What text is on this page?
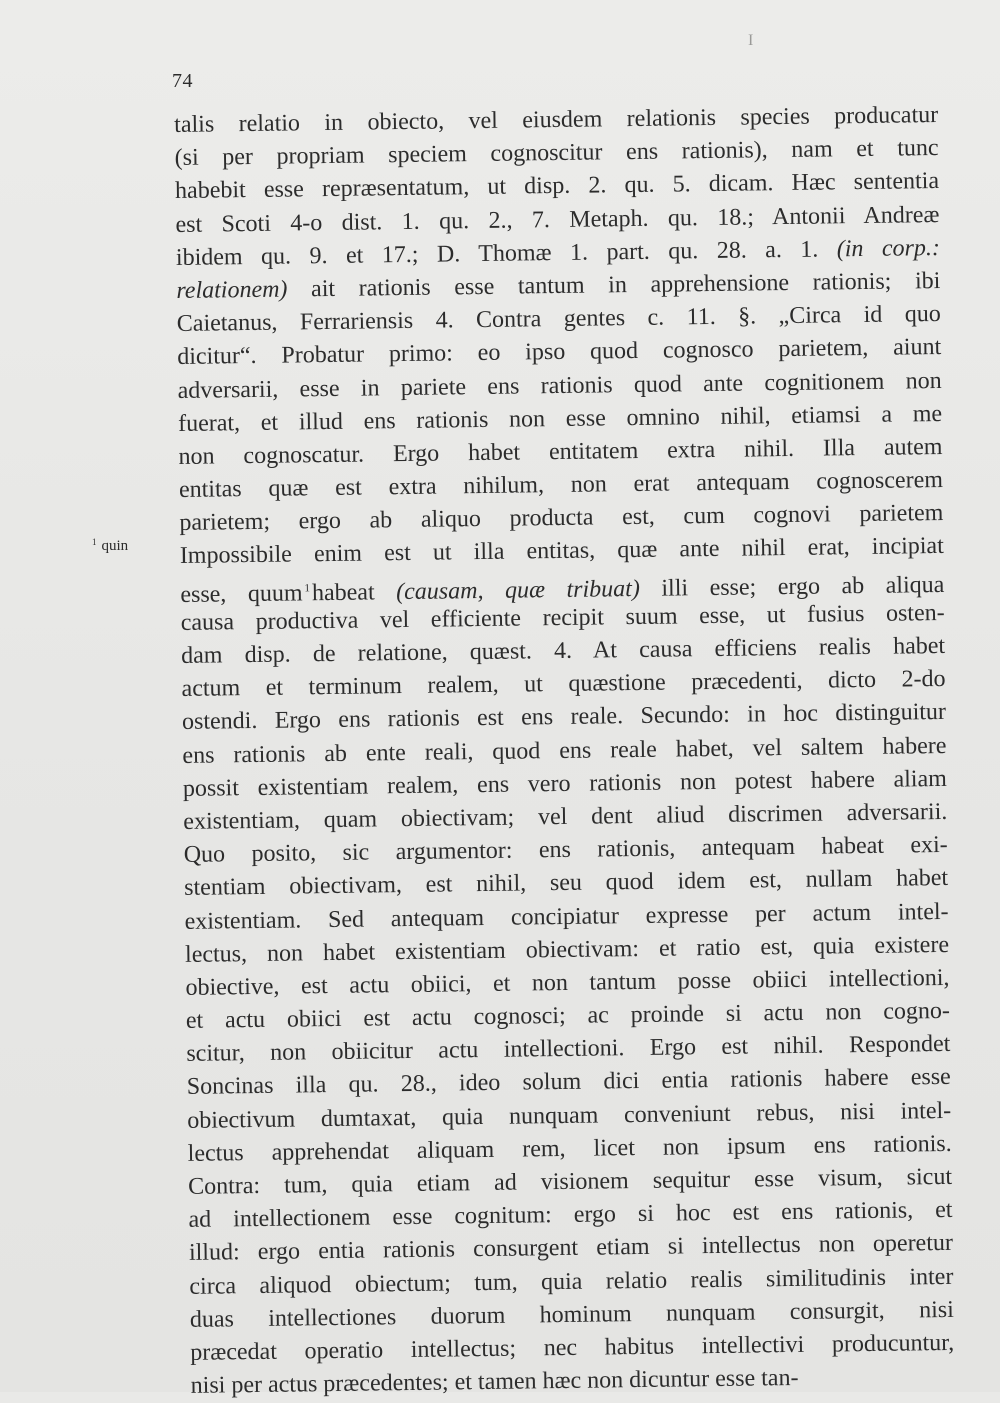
I
74
$^1$ quin
talis relatio in obiecto, vel eiusdem relationis species producatur
(si per propriam speciem cognoscitur ens rationis), nam et tunc
habebit esse repræsentatum, ut disp. 2. qu. 5. dicam. Hæc sententia
est Scoti 4-o dist. 1. qu. 2., 7. Metaph. qu. 18.; Antonii Andreæ
ibidem qu. 9. et 17.; D. Thomæ 1. part. qu. 28. a. 1. (in corp.:
relationem) ait rationis esse tantum in apprehensione rationis; ibi
Caietanus, Ferrariensis 4. Contra gentes c. 11. §. „Circa id quo
dicitur“. Probatur primo: eo ipso quod cognosco parietem, aiunt
adversarii, esse in pariete ens rationis quod ante cognitionem non
fuerat, et illud ens rationis non esse omnino nihil, etiamsi a me
non cognoscatur. Ergo habet entitatem extra nihil. Illa autem
entitas quæ est extra nihilum, non erat antequam cognoscerem
parietem; ergo ab aliquo producta est, cum cognovi parietem
Impossibile enim est ut illa entitas, quæ ante nihil erat, incipiat
esse, quum $^1$habeat (causam, quæ tribuat) illi esse; ergo ab aliqua
causa productiva vel efficiente recipit suum esse, ut fusius osten-
dam disp. de relatione, quæst. 4. At causa efficiens realis habet
actum et terminum realem, ut quæstione præcedenti, dicto 2-do
ostendi. Ergo ens rationis est ens reale. Secundo: in hoc distinguitur
ens rationis ab ente reali, quod ens reale habet, vel saltem habere
possit existentiam realem, ens vero rationis non potest habere aliam
existentiam, quam obiectivam; vel dent aliud discrimen adversarii.
Quo posito, sic argumentor: ens rationis, antequam habeat exi-
stentiam obiectivam, est nihil, seu quod idem est, nullam habet
existentiam. Sed antequam concipiatur expresse per actum intel-
lectus, non habet existentiam obiectivam: et ratio est, quia existere
obiective, est actu obiici, et non tantum posse obiici intellectioni,
et actu obiici est actu cognosci; ac proinde si actu non cogno-
scitur, non obiicitur actu intellectioni. Ergo est nihil. Respondet
Soncinas illa qu. 28., ideo solum dici entia rationis habere esse
obiectivum dumtaxat, quia nunquam conveniunt rebus, nisi intel-
lectus apprehendat aliquam rem, licet non ipsum ens rationis.
Contra: tum, quia etiam ad visionem sequitur esse visum, sicut
ad intellectionem esse cognitum: ergo si hoc est ens rationis, et
illud: ergo entia rationis consurgent etiam si intellectus non operetur
circa aliquod obiectum; tum, quia relatio realis similitudinis inter
duas intellectiones duorum hominum nunquam consurgit, nisi
præcedat operatio intellectus; nec habitus intellectivi producuntur,
nisi per actus præcedentes; et tamen hæc non dicuntur esse tan-
